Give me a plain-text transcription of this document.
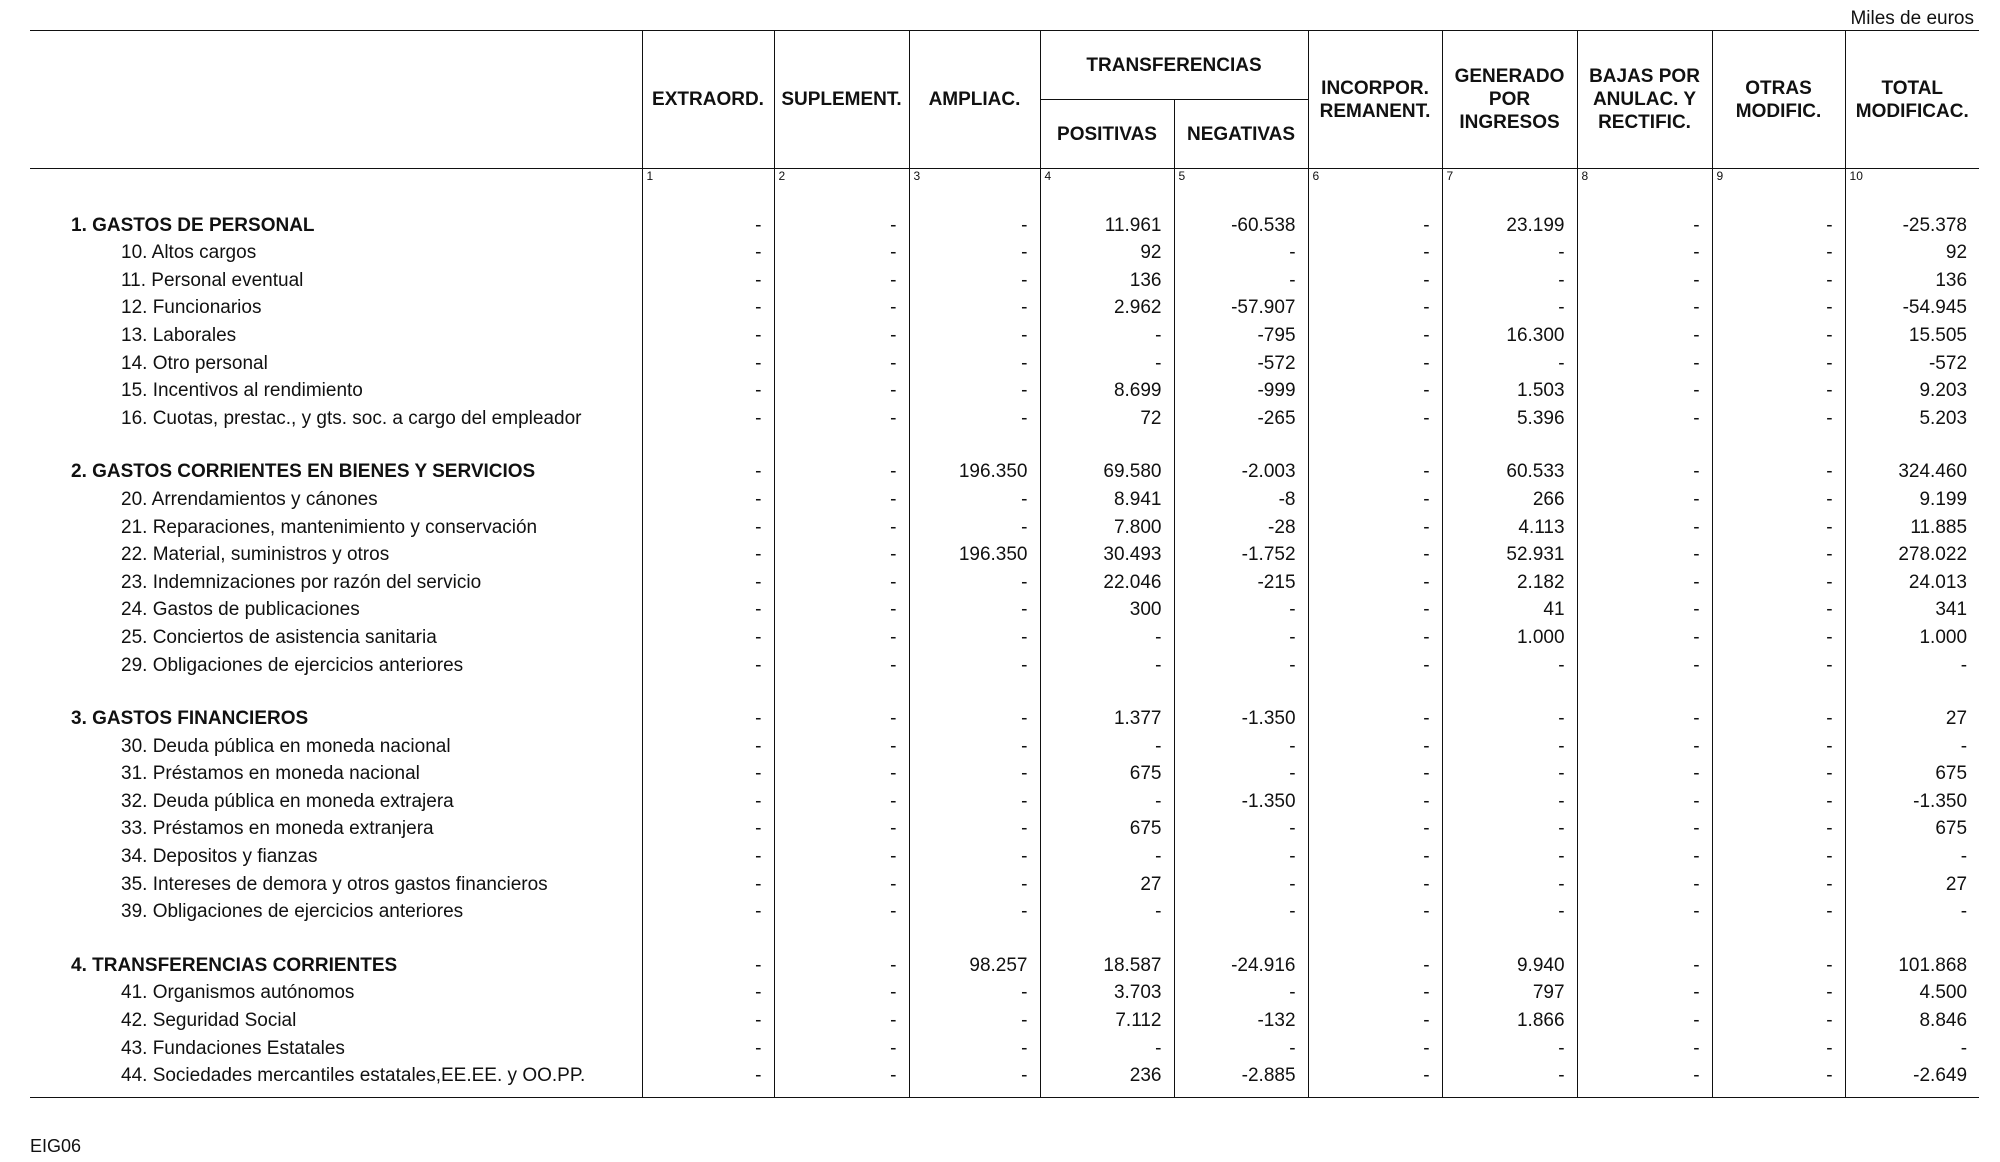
Miles de euros
	EXTRAORD.	SUPLEMENT.	AMPLIAC.	TRANSFERENCIAS		INCORPOR. REMANENT.	GENERADO POR INGRESOS	BAJAS POR ANULAC. Y RECTIFIC.	OTRAS MODIFIC.	TOTAL MODIFICAC.
				POSITIVAS	NEGATIVAS					
	1	2	3	4	5	6	7	8	9	10

1. GASTOS DE PERSONAL	-	-	-	11.961	-60.538	-	23.199	-	-	-25.378
10. Altos cargos	-	-	-	92	-	-	-	-	-	92
11. Personal eventual	-	-	-	136	-	-	-	-	-	136
12. Funcionarios	-	-	-	2.962	-57.907	-	-	-	-	-54.945
13. Laborales	-	-	-	-	-795	-	16.300	-	-	15.505
14. Otro personal	-	-	-	-	-572	-	-	-	-	-572
15. Incentivos al rendimiento	-	-	-	8.699	-999	-	1.503	-	-	9.203
16. Cuotas, prestac., y gts. soc. a cargo del empleador	-	-	-	72	-265	-	5.396	-	-	5.203

2. GASTOS CORRIENTES EN BIENES Y SERVICIOS	-	-	196.350	69.580	-2.003	-	60.533	-	-	324.460
20. Arrendamientos y cánones	-	-	-	8.941	-8	-	266	-	-	9.199
21. Reparaciones, mantenimiento y conservación	-	-	-	7.800	-28	-	4.113	-	-	11.885
22. Material, suministros y otros	-	-	196.350	30.493	-1.752	-	52.931	-	-	278.022
23. Indemnizaciones por razón del servicio	-	-	-	22.046	-215	-	2.182	-	-	24.013
24. Gastos de publicaciones	-	-	-	300	-	-	41	-	-	341
25. Conciertos de asistencia sanitaria	-	-	-	-	-	-	1.000	-	-	1.000
29. Obligaciones de ejercicios anteriores	-	-	-	-	-	-	-	-	-	-

3. GASTOS FINANCIEROS	-	-	-	1.377	-1.350	-	-	-	-	27
30. Deuda pública en moneda nacional	-	-	-	-	-	-	-	-	-	-
31. Préstamos en moneda nacional	-	-	-	675	-	-	-	-	-	675
32. Deuda pública en moneda extrajera	-	-	-	-	-1.350	-	-	-	-	-1.350
33. Préstamos en moneda extranjera	-	-	-	675	-	-	-	-	-	675
34. Depositos y fianzas	-	-	-	-	-	-	-	-	-	-
35. Intereses de demora y otros gastos financieros	-	-	-	27	-	-	-	-	-	27
39. Obligaciones de ejercicios anteriores	-	-	-	-	-	-	-	-	-	-

4. TRANSFERENCIAS CORRIENTES	-	-	98.257	18.587	-24.916	-	9.940	-	-	101.868
41. Organismos autónomos	-	-	-	3.703	-	-	797	-	-	4.500
42. Seguridad Social	-	-	-	7.112	-132	-	1.866	-	-	8.846
43. Fundaciones Estatales	-	-	-	-	-	-	-	-	-	-
44. Sociedades mercantiles estatales,EE.EE. y OO.PP.	-	-	-	236	-2.885	-	-	-	-	-2.649

EIG06
